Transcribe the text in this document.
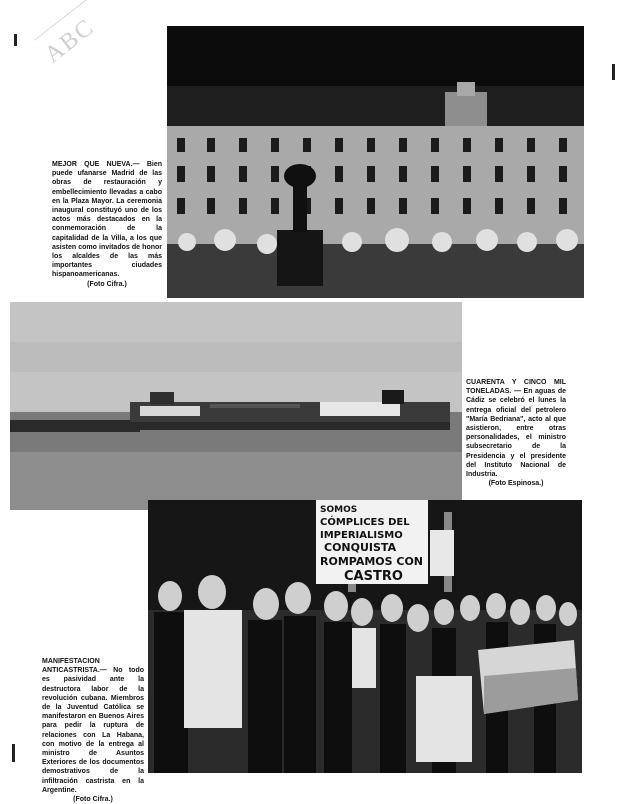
ABC
MEJOR QUE NUEVA.— Bien puede ufanarse Madrid de las obras de restauración y embellecimiento llevadas a cabo en la Plaza Mayor. La ceremonia inaugural constituyó uno de los actos más destacados en la conmemoración de la capitalidad de la Villa, a los que asisten como invitados de honor los alcaldes de las más importantes ciudades hispanoamericanas.
(Foto Cifra.)
CUARENTA Y CINCO MIL TONELADAS. — En aguas de Cádiz se celebró el lunes la entrega oficial del petrolero "María Bedriana", acto al que asistieron, entre otras personalidades, el ministro subsecretario de la Presidencia y el presidente del Instituto Nacional de Industria.
(Foto Espinosa.)
SOMOS
CÓMPLICES DEL
IMPERIALISMO
CONQUISTA
ROMPAMOS CON
CASTRO
MANIFESTACION ANTICASTRISTA.— No todo es pasividad ante la destructora labor de la revolución cubana. Miembros de la Juventud Católica se manifestaron en Buenos Aires para pedir la ruptura de relaciones con La Habana, con motivo de la entrega al ministro de Asuntos Exteriores de los documentos demostrativos de la infiltración castrista en la Argentine.
(Foto Cifra.)
